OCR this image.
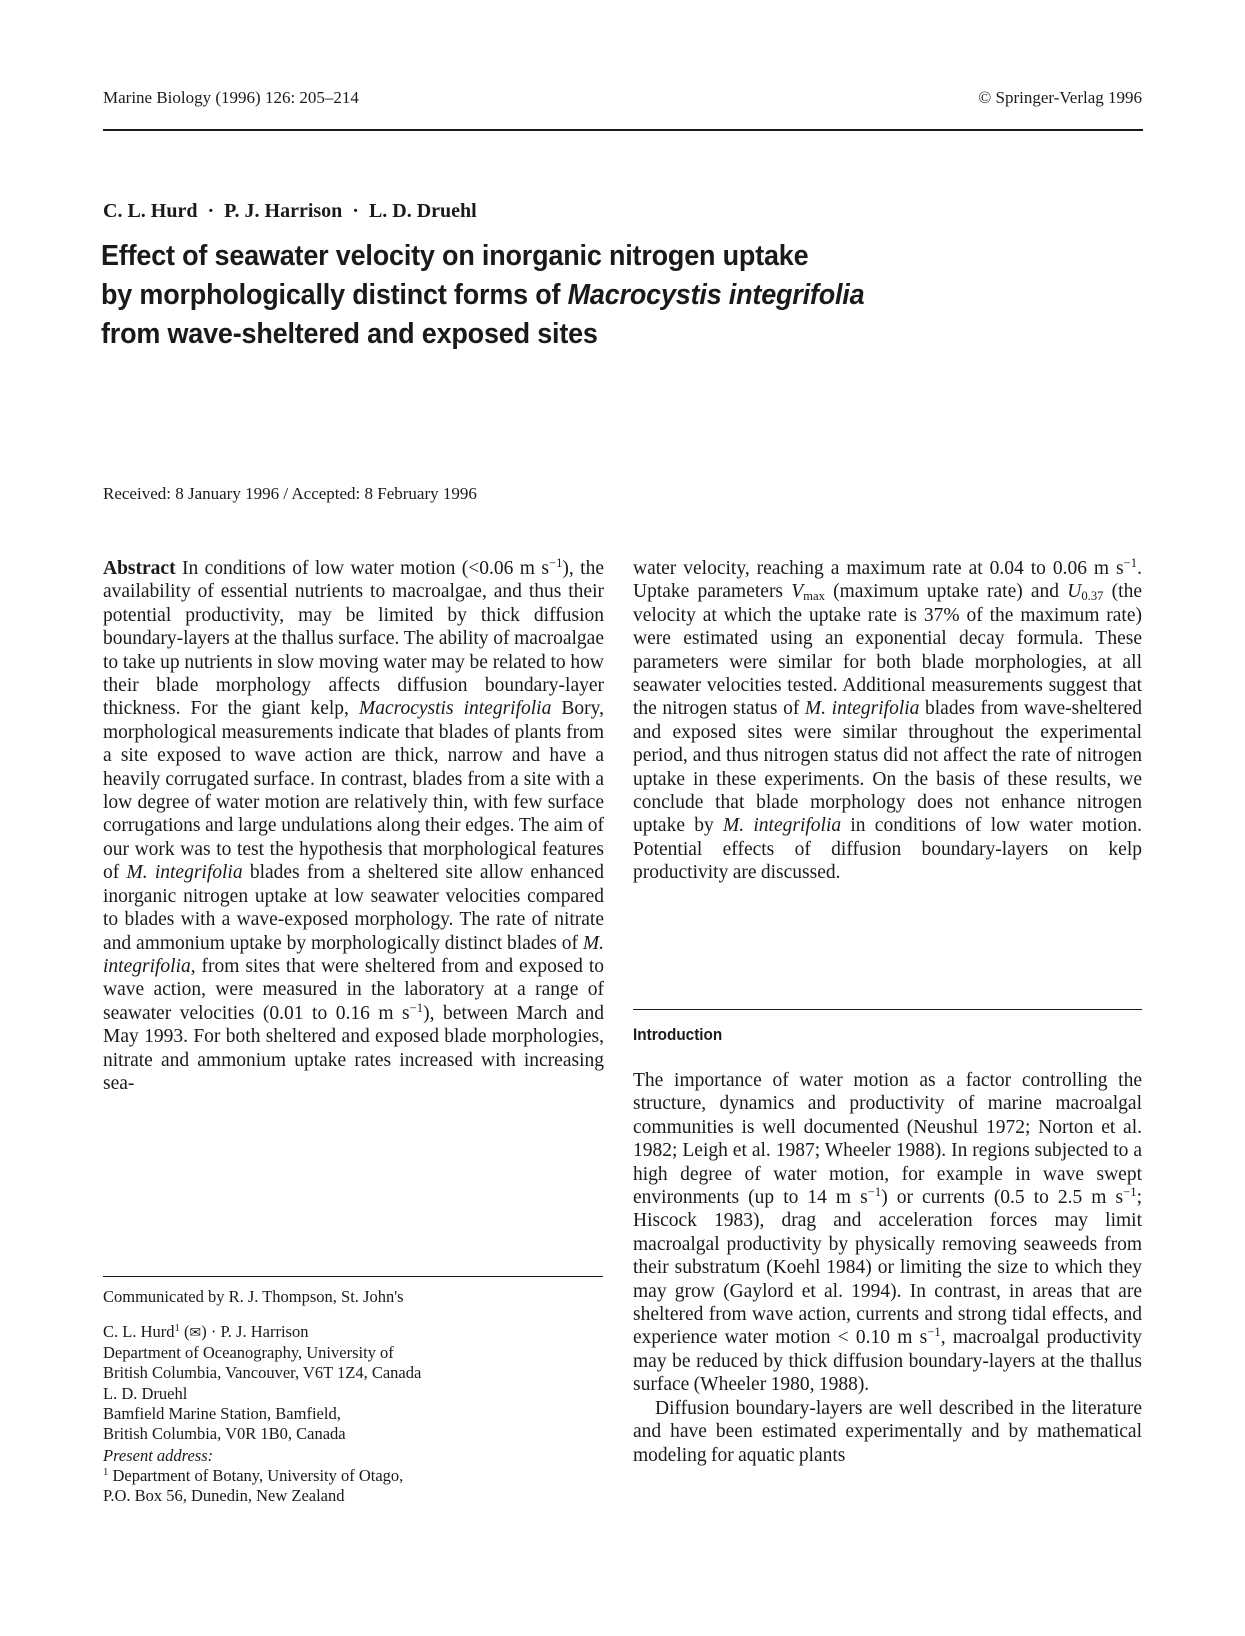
Marine Biology (1996) 126: 205–214	© Springer-Verlag 1996
C. L. Hurd  ·  P. J. Harrison  ·  L. D. Druehl
Effect of seawater velocity on inorganic nitrogen uptake
by morphologically distinct forms of Macrocystis integrifolia
from wave-sheltered and exposed sites
Received: 8 January 1996 / Accepted: 8 February 1996

Abstract In conditions of low water motion (<0.06 m $s^{-1}$), the availability of essential nutrients to macroalgae, and thus their potential productivity, may be limited by thick diffusion boundary-layers at the thallus surface. The ability of macroalgae to take up nutrients in slow moving water may be related to how their blade morphology affects diffusion boundary-layer thickness. For the giant kelp, Macrocystis integrifolia Bory, morphological measurements indicate that blades of plants from a site exposed to wave action are thick, narrow and have a heavily corrugated surface. In contrast, blades from a site with a low degree of water motion are relatively thin, with few surface corrugations and large undulations along their edges. The aim of our work was to test the hypothesis that morphological features of M. integrifolia blades from a sheltered site allow enhanced inorganic nitrogen uptake at low seawater velocities compared to blades with a wave-exposed morphology. The rate of nitrate and ammonium uptake by morphologically distinct blades of M. integrifolia, from sites that were sheltered from and exposed to wave action, were measured in the laboratory at a range of seawater velocities (0.01 to 0.16 m $s^{-1}$), between March and May 1993. For both sheltered and exposed blade morphologies, nitrate and ammonium uptake rates increased with increasing sea-

water velocity, reaching a maximum rate at 0.04 to 0.06 m $s^{-1}$. Uptake parameters $V_{max}$ (maximum uptake rate) and $U_{0.37}$ (the velocity at which the uptake rate is 37% of the maximum rate) were estimated using an exponential decay formula. These parameters were similar for both blade morphologies, at all seawater velocities tested. Additional measurements suggest that the nitrogen status of M. integrifolia blades from wave-sheltered and exposed sites were similar throughout the experimental period, and thus nitrogen status did not affect the rate of nitrogen uptake in these experiments. On the basis of these results, we conclude that blade morphology does not enhance nitrogen uptake by M. integrifolia in conditions of low water motion. Potential effects of diffusion boundary-layers on kelp productivity are discussed.

Introduction

The importance of water motion as a factor controlling the structure, dynamics and productivity of marine macroalgal communities is well documented (Neushul 1972; Norton et al. 1982; Leigh et al. 1987; Wheeler 1988). In regions subjected to a high degree of water motion, for example in wave swept environments (up to 14 m $s^{-1}$) or currents (0.5 to 2.5 m $s^{-1}$; Hiscock 1983), drag and acceleration forces may limit macroalgal productivity by physically removing seaweeds from their substratum (Koehl 1984) or limiting the size to which they may grow (Gaylord et al. 1994). In contrast, in areas that are sheltered from wave action, currents and strong tidal effects, and experience water motion < 0.10 m $s^{-1}$, macroalgal productivity may be reduced by thick diffusion boundary-layers at the thallus surface (Wheeler 1980, 1988).

Diffusion boundary-layers are well described in the literature and have been estimated experimentally and by mathematical modeling for aquatic plants

Communicated by R. J. Thompson, St. John's
C. L. Hurd$^1$ (✉) · P. J. Harrison
Department of Oceanography, University of
British Columbia, Vancouver, V6T 1Z4, Canada
L. D. Druehl
Bamfield Marine Station, Bamfield,
British Columbia, V0R 1B0, Canada
Present address:
$^1$ Department of Botany, University of Otago,
P.O. Box 56, Dunedin, New Zealand
